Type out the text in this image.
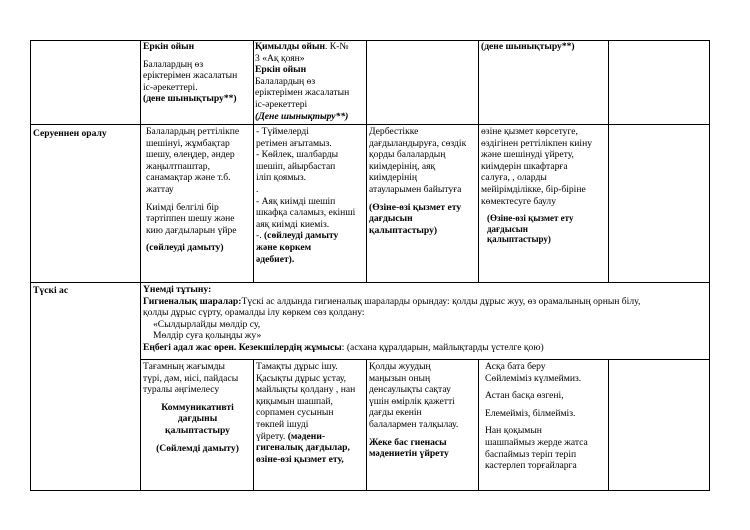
Еркін ойын
Балалардың өз
еріктерімен жасалатын
іс-әрекеттері.
(дене шынықтыру**)
Қимылды ойын. К-№
3 «Ақ қоян»
Еркін ойын
Балалардың өз
еріктерімен жасалатын
іс-әрекеттері
(Дене шынықтыру**)
(дене шынықтыру**)
Серуеннен оралу	Балалардың реттілікпе
шешінуі, жұмбақтар
шешу, өлеңдер, әндер
жаңылтпаштар,
санамақтар және т.б.
жаттау
Киімді белгілі бір
тәртіппен шешу және
кию дағдыларын үйре
(сөйлеуді дамыту)
- Түймелерді
ретімен ағытамыз.
- Көйлек, шалбарды
шешіп, айырбастап
іліп қоямыз.
.
- Аяқ киімді шешіп
шкафқа саламыз, екінші
аяқ киімді киеміз.
-. (сөйлеуді дамыту
және көркем
әдебиет).
Дербестікке
дағдыландыруға, сөздік
қорды балалардың
киімдерінің, аяқ
киімдерінің
атауларымен байытуға
(Өзіне-өзі қызмет ету
дағдысын
қалыптастыру)
өзіне қызмет көрсетуге,
өздігінен реттілікпен киіну
және шешінуді үйрету,
киімдерін шкафтарға
салуға, , оларды
мейірімділікке, бір-біріне
көмектесуге баулу
(Өзіне-өзі қызмет ету
дағдысын
қалыптастыру)
Түскі ас	Үнемді тұтыну:
Гигиеналық шаралар:Түскі ас алдында гигиеналық шараларды орындау: қолды дұрыс жуу, өз орамалының орнын білу,
қолды дұрыс сүрту, орамалды ілу көркем сөз қолдану:
«Сылдырлайды мөлдір су,
Мөлдір суға қолыңды жу»
Еңбегі адал жас өрен. Кезекшілердің жұмысы: (асхана құралдарын, майлықтарды үстелге қою)
Тағамның жағымды
түрі, дәм, иісі, пайдасы
туралы әңгімелесу
Коммуникативті
дағдыны
қалыптастыру
(Сөйлемді дамыту)
Тамақты дұрыс ішу.
Қасықты дұрыс ұстау,
майлықты қолдану , нан
қиқымын шашпай,
сорпамен сусынын
төкпей ішуді
үйрету. (мәдени-
гигеналық дағдылар,
өзіне-өзі қызмет ету,
Қолды жуудың
маңызын оның
денсаулықты сақтау
үшін өмірлік қажетті
дағды екенін
балалармен талқылау.
Жеке бас гиенасы
мәдениетін үйрету
Асқа бата беру
Сөйлеміміз күлмеймиз.
Астан басқа өзгені,
Елемейміз, білмейміз.
Нан қоқымын
шашпаймыз жерде жатса
баспаймыз теріп теріп
кастерлеп торғайларга
